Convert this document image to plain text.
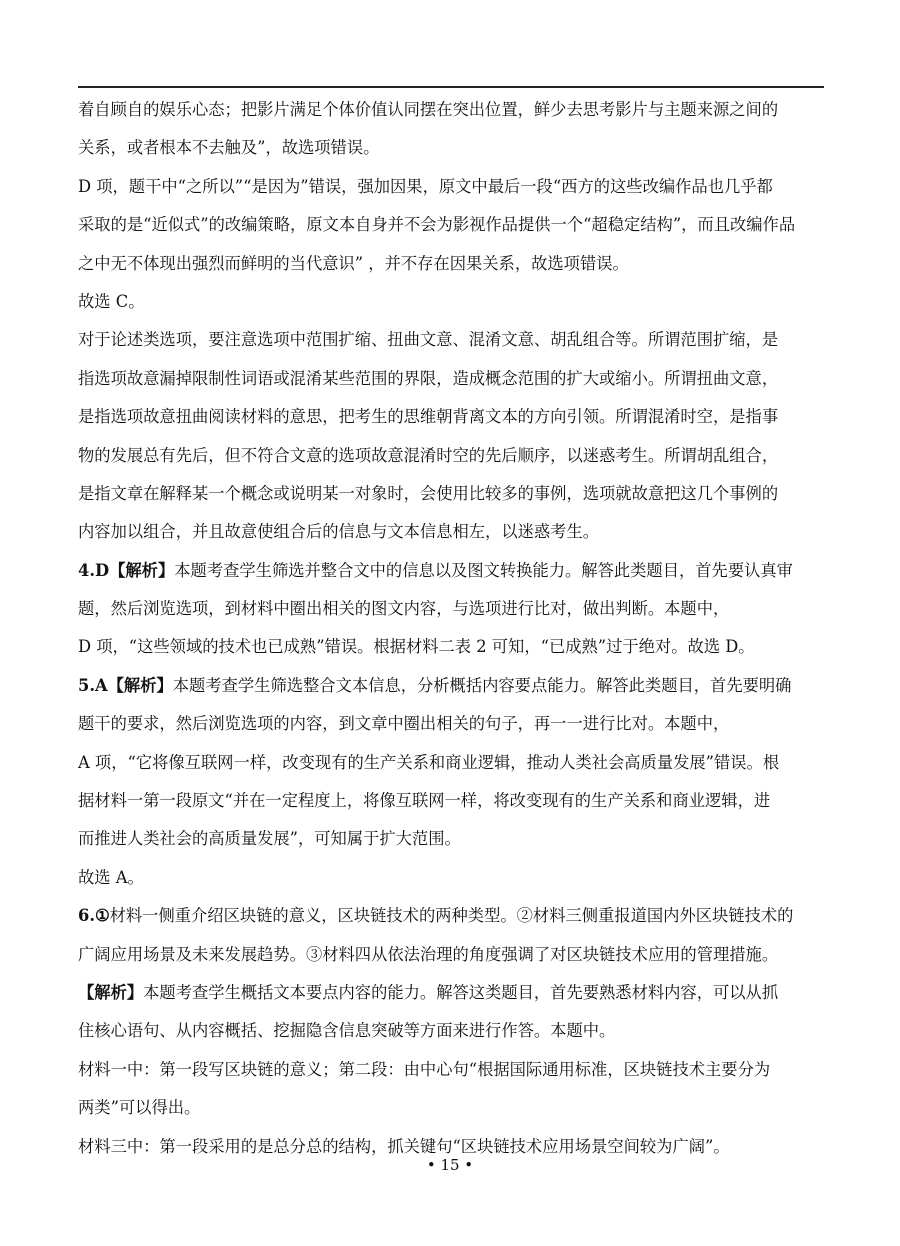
着自顾自的娱乐心态；把影片满足个体价值认同摆在突出位置，鲜少去思考影片与主题来源之间的
关系，或者根本不去触及”，故选项错误。
D 项，题干中“之所以”“是因为”错误，强加因果，原文中最后一段“西方的这些改编作品也几乎都
采取的是“近似式”的改编策略，原文本自身并不会为影视作品提供一个“超稳定结构”，而且改编作品
之中无不体现出强烈而鲜明的当代意识” ，并不存在因果关系，故选项错误。
故选 C。
对于论述类选项，要注意选项中范围扩缩、扭曲文意、混淆文意、胡乱组合等。所谓范围扩缩，是
指选项故意漏掉限制性词语或混淆某些范围的界限，造成概念范围的扩大或缩小。所谓扭曲文意，
是指选项故意扭曲阅读材料的意思，把考生的思维朝背离文本的方向引领。所谓混淆时空，是指事
物的发展总有先后，但不符合文意的选项故意混淆时空的先后顺序，以迷惑考生。所谓胡乱组合，
是指文章在解释某一个概念或说明某一对象时，会使用比较多的事例，选项就故意把这几个事例的
内容加以组合，并且故意使组合后的信息与文本信息相左，以迷惑考生。
4.D【解析】本题考查学生筛选并整合文中的信息以及图文转换能力。解答此类题目，首先要认真审
题，然后浏览选项，到材料中圈出相关的图文内容，与选项进行比对，做出判断。本题中，
D 项，“这些领域的技术也已成熟”错误。根据材料二表 2 可知，“已成熟”过于绝对。故选 D。
5.A【解析】本题考查学生筛选整合文本信息，分析概括内容要点能力。解答此类题目，首先要明确
题干的要求，然后浏览选项的内容，到文章中圈出相关的句子，再一一进行比对。本题中，
A 项，“它将像互联网一样，改变现有的生产关系和商业逻辑，推动人类社会高质量发展”错误。根
据材料一第一段原文“并在一定程度上，将像互联网一样，将改变现有的生产关系和商业逻辑，进
而推进人类社会的高质量发展”，可知属于扩大范围。
故选 A。
6.①材料一侧重介绍区块链的意义，区块链技术的两种类型。②材料三侧重报道国内外区块链技术的
广阔应用场景及未来发展趋势。③材料四从依法治理的角度强调了对区块链技术应用的管理措施。
【解析】本题考查学生概括文本要点内容的能力。解答这类题目，首先要熟悉材料内容，可以从抓
住核心语句、从内容概括、挖掘隐含信息突破等方面来进行作答。本题中。
材料一中：第一段写区块链的意义；第二段：由中心句“根据国际通用标准，区块链技术主要分为
两类”可以得出。
材料三中：第一段采用的是总分总的结构，抓关键句“区块链技术应用场景空间较为广阔”。
• 15 •
